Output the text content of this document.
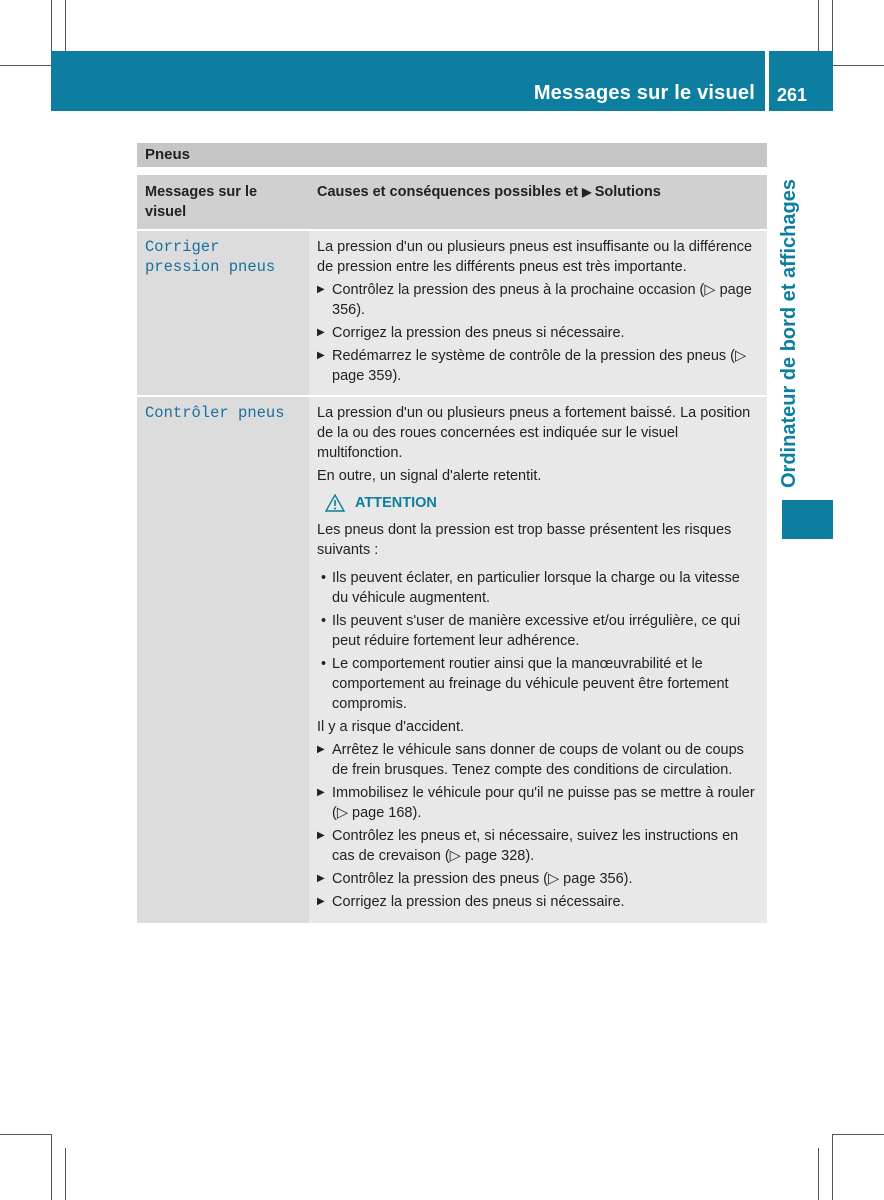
Messages sur le visuel 261
Ordinateur de bord et affichages
Pneus
Messages sur le visuel
Causes et conséquences possibles et ▶ Solutions
Corriger pression pneus

La pression d'un ou plusieurs pneus est insuffisante ou la différence de pression entre les différents pneus est très importante.

▶ Contrôlez la pression des pneus à la prochaine occasion (▷ page 356).
▶ Corrigez la pression des pneus si nécessaire.
▶ Redémarrez le système de contrôle de la pression des pneus (▷ page 359).
Contrôler pneus	La pression d'un ou plusieurs pneus a fortement baissé. La position de la ou des roues concernées est indiquée sur le visuel multifonction.

En outre, un signal d'alerte retentit.

ATTENTION

Les pneus dont la pression est trop basse présentent les risques suivants :

• Ils peuvent éclater, en particulier lorsque la charge ou la vitesse du véhicule augmentent.
• Ils peuvent s'user de manière excessive et/ou irrégulière, ce qui peut réduire fortement leur adhérence.
• Le comportement routier ainsi que la manœuvrabilité et le comportement au freinage du véhicule peuvent être fortement compromis.

Il y a risque d'accident.

▶ Arrêtez le véhicule sans donner de coups de volant ou de coups de frein brusques. Tenez compte des conditions de circulation.
▶ Immobilisez le véhicule pour qu'il ne puisse pas se mettre à rouler (▷ page 168).
▶ Contrôlez les pneus et, si nécessaire, suivez les instructions en cas de crevaison (▷ page 328).
▶ Contrôlez la pression des pneus (▷ page 356).
▶ Corrigez la pression des pneus si nécessaire.
